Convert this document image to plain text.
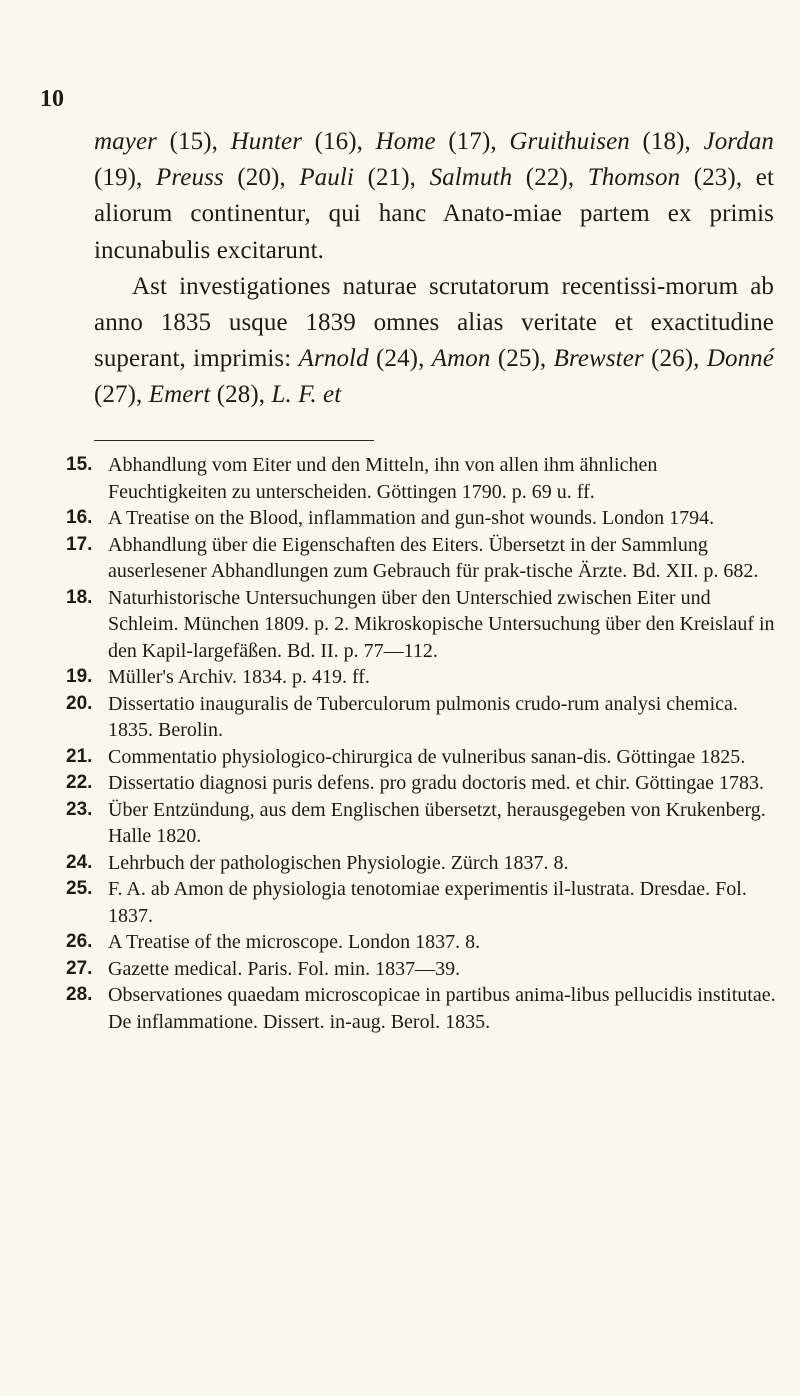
10

mayer (15), Hunter (16), Home (17), Gruithuisen (18), Jordan (19), Preuss (20), Pauli (21), Salmuth (22), Thomson (23), et aliorum continentur, qui hanc Anato-miae partem ex primis incunabulis excitarunt.

Ast investigationes naturae scrutatorum recentissi-morum ab anno 1835 usque 1839 omnes alias veritate et exactitudine superant, imprimis: Arnold (24), Amon (25), Brewster (26), Donné (27), Emert (28), L. F. et

15. Abhandlung vom Eiter und den Mitteln, ihn von allen ihm ähnlichen Feuchtigkeiten zu unterscheiden. Göttingen 1790. p. 69 u. ff.
16. A Treatise on the Blood, inflammation and gun-shot wounds. London 1794.
17. Abhandlung über die Eigenschaften des Eiters. Übersetzt in der Sammlung auserlesener Abhandlungen zum Gebrauch für prak-tische Ärzte. Bd. XII. p. 682.
18. Naturhistorische Untersuchungen über den Unterschied zwischen Eiter und Schleim. München 1809. p. 2. Mikroskopische Untersuchung über den Kreislauf in den Kapil-largefäßen. Bd. II. p. 77—112.
19. Müller's Archiv. 1834. p. 419. ff.
20. Dissertatio inauguralis de Tuberculorum pulmonis crudo-rum analysi chemica. 1835. Berolin.
21. Commentatio physiologico-chirurgica de vulneribus sanan-dis. Göttingae 1825.
22. Dissertatio diagnosi puris defens. pro gradu doctoris med. et chir. Göttingae 1783.
23. Über Entzündung, aus dem Englischen übersetzt, herausgegeben von Krukenberg. Halle 1820.
24. Lehrbuch der pathologischen Physiologie. Zürch 1837. 8.
25. F. A. ab Amon de physiologia tenotomiae experimentis il-lustrata. Dresdae. Fol. 1837.
26. A Treatise of the microscope. London 1837. 8.
27. Gazette medical. Paris. Fol. min. 1837—39.
28. Observationes quaedam microscopicae in partibus anima-libus pellucidis institutae. De inflammatione. Dissert. in-aug. Berol. 1835.
